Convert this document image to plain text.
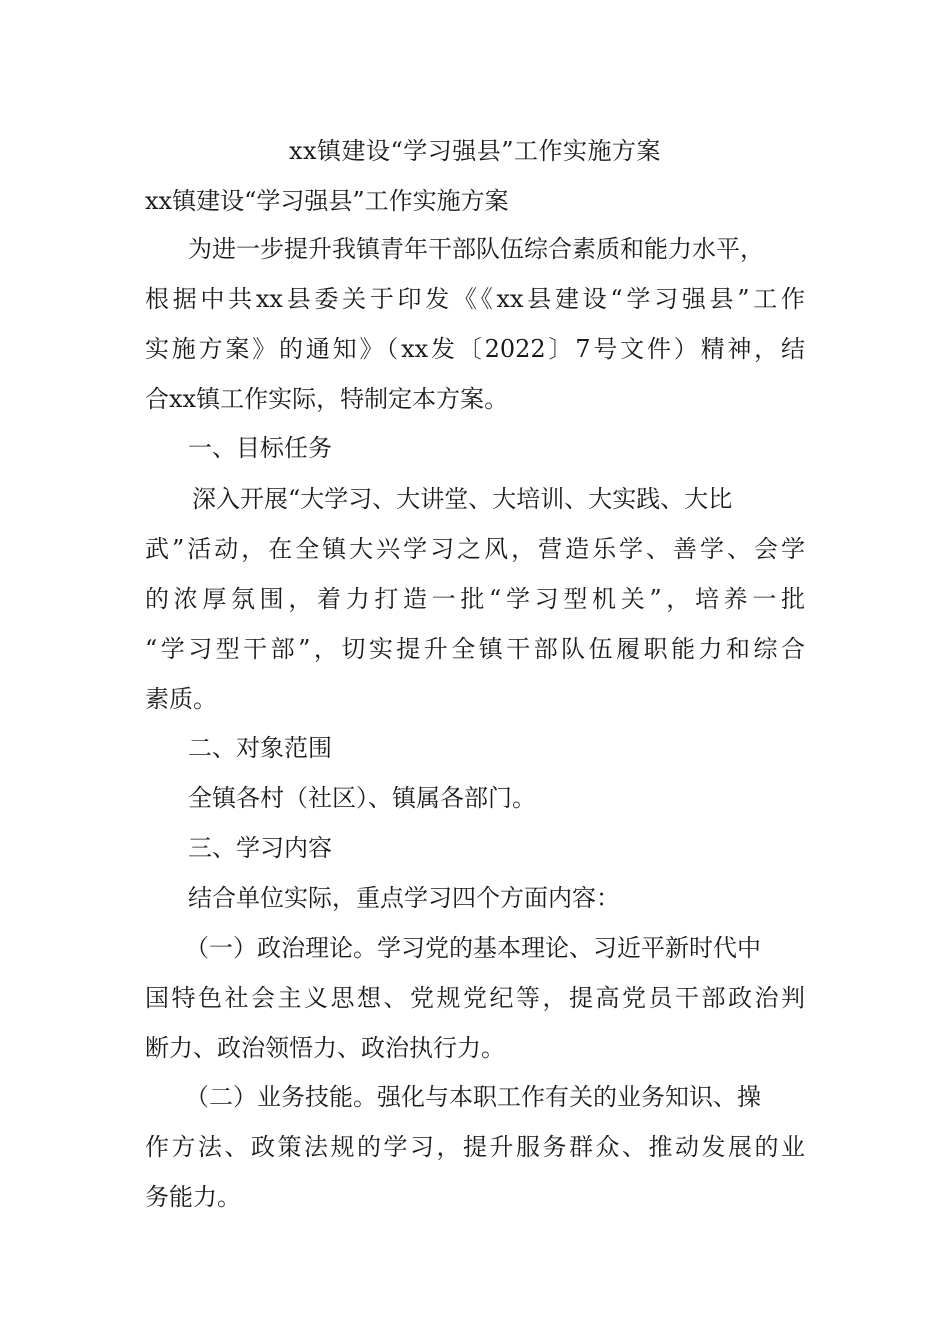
xx镇建设“学习强县”工作实施方案
xx镇建设“学习强县”工作实施方案
为进一步提升我镇青年干部队伍综合素质和能力水平，
根据中共xx县委关于印发《《xx县建设“学习强县”工作
实施方案》的通知》（xx发〔2022〕7号文件）精神，结
合xx镇工作实际，特制定本方案。
一、目标任务
深入开展“大学习、大讲堂、大培训、大实践、大比
武”活动，在全镇大兴学习之风，营造乐学、善学、会学
的浓厚氛围，着力打造一批“学习型机关”，培养一批
“学习型干部”，切实提升全镇干部队伍履职能力和综合
素质。
二、对象范围
全镇各村（社区）、镇属各部门。
三、学习内容
结合单位实际，重点学习四个方面内容：
（一）政治理论。学习党的基本理论、习近平新时代中
国特色社会主义思想、党规党纪等，提高党员干部政治判
断力、政治领悟力、政治执行力。
（二）业务技能。强化与本职工作有关的业务知识、操
作方法、政策法规的学习，提升服务群众、推动发展的业
务能力。
